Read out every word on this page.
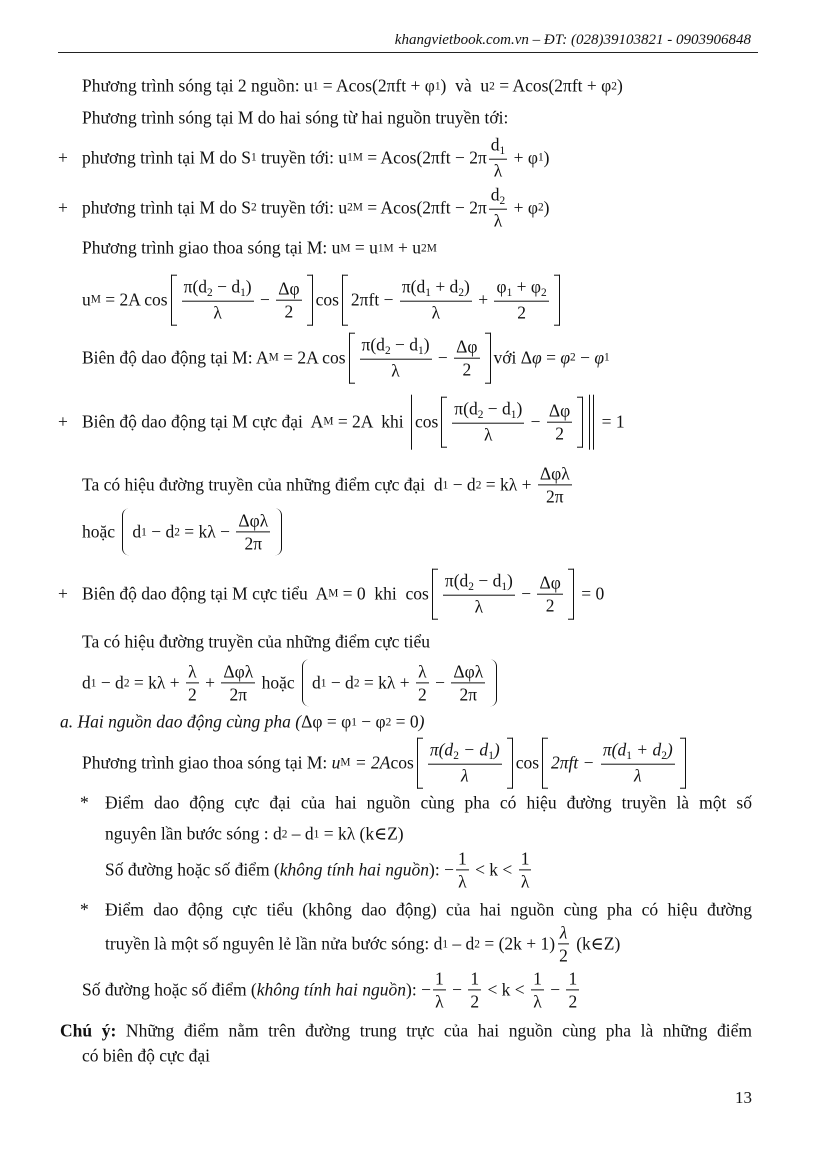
khangvietbook.com.vn – ĐT: (028)39103821 - 0903906848
Phương trình sóng tại 2 nguồn: u 1 = Acos(2πft + φ 1 )  và  u 2 = Acos(2πft + φ 2 )
Phương trình sóng tại M do hai sóng từ hai nguồn truyền tới:
+ phương trình tại M do S 1 truyền tới: u $1M = Acos(2\pi ft - 2\pi \frac{d_1}{\lambda} + \varphi$ 1 )
+ phương trình tại M do S 2 truyền tới: u $2M = Acos(2\pi ft - 2\pi \frac{d_2}{\lambda} + \varphi$ 2 )
Phương trình giao thoa sóng tại M: u M = u 1M + u 2M
u M = 2A $\cos \frac{\pi(d_2 - d_1)}{\lambda} - \frac{\Delta\varphi}{2}$ $\cos 2\pi ft - \frac{\pi(d_1 + d_2)}{\lambda} + \frac{\varphi_1 + \varphi_2}{2}$
Biên độ dao động tại M: A M = 2A $\cos \frac{\pi(d_2 - d_1)}{\lambda} - \frac{\Delta\varphi}{2}$ với Δ φ = φ 2 − φ 1
+ Biên độ dao động tại M cực đại  A M = 2A  khi $\cos \frac{\pi(d_2 - d_1)}{\lambda} - \frac{\Delta\varphi}{2} = 1$
Ta có hiệu đường truyền của những điểm cực đại  d 1 − d $2 = k\lambda + \frac{\text{Δφλ}}{2\pi}$
hoặc d 1 − d $2 = k\lambda - \frac{\text{Δφλ}}{2\pi}$
+ Biên độ dao động tại M cực tiểu  A M = 0  khi  $\cos \frac{\pi(d_2 - d_1)}{\lambda} - \frac{\Delta\varphi}{2} = 0$
Ta có hiệu đường truyền của những điểm cực tiểu
d 1 − d $2 = k\lambda + \frac{\lambda}{2} + \frac{\text{Δφλ}}{2\pi}$ hoặc d 1 − d $2 = k\lambda + \frac{\lambda}{2} - \frac{\text{Δφλ}}{2\pi}$
a. Hai nguồn dao động cùng pha ( Δφ = φ 1 − φ 2 = 0 )
Phương trình giao thoa sóng tại M: u M = 2A $\cos \frac{\pi(d_2 - d_1)}{\lambda}$ $\cos 2\pi ft - \frac{\pi(d_1 + d_2)}{\lambda}$
* Điểm dao động cực đại của hai nguồn cùng pha có hiệu đường truyền là một số
nguyên lần bước sóng : d 2 – d 1 = kλ (k∈Z)
Số đường hoặc số điểm ( không tính hai nguồn ): − $\frac{1}{\lambda} < k < \frac{1}{\lambda}$
* Điểm dao động cực tiểu (không dao động) của hai nguồn cùng pha có hiệu đường
truyền là một số nguyên lẻ lần nửa bước sóng: d 1 – d $2 = (2k + 1) \frac{\lambda}{2}$ (k∈Z)
Số đường hoặc số điểm ( không tính hai nguồn ): − $\frac{1}{\lambda} - \frac{1}{2} < k < \frac{1}{\lambda} - \frac{1}{2}$
Chú ý: Những điểm nằm trên đường trung trực của hai nguồn cùng pha là những điểm
có biên độ cực đại
13
